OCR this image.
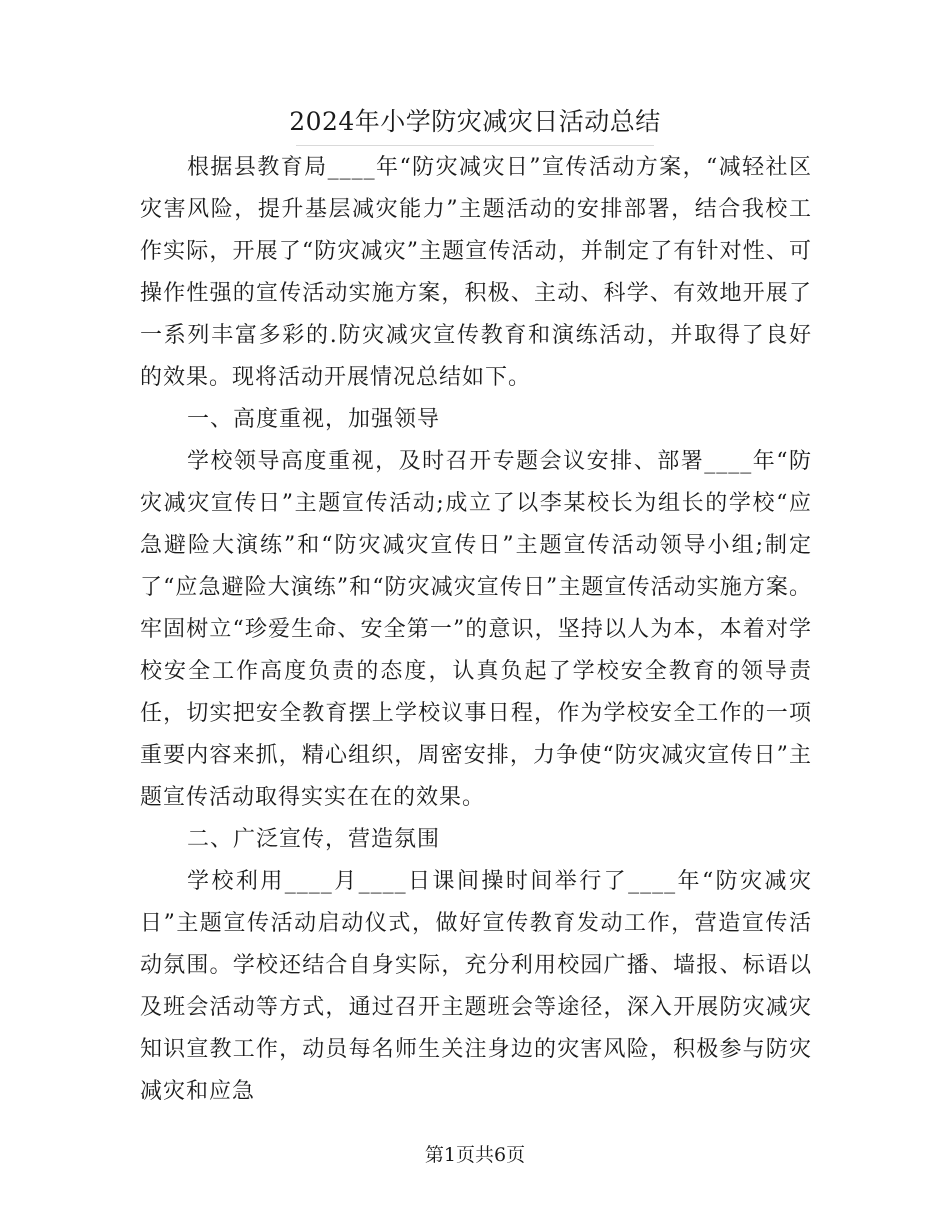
2024年小学防灾减灾日活动总结

根据县教育局____年“防灾减灾日”宣传活动方案，“减轻社区灾害风险，提升基层减灾能力”主题活动的安排部署，结合我校工作实际，开展了“防灾减灾”主题宣传活动，并制定了有针对性、可操作性强的宣传活动实施方案，积极、主动、科学、有效地开展了一系列丰富多彩的.防灾减灾宣传教育和演练活动，并取得了良好的效果。现将活动开展情况总结如下。

一、高度重视，加强领导

学校领导高度重视，及时召开专题会议安排、部署____年“防灾减灾宣传日”主题宣传活动;成立了以李某校长为组长的学校“应急避险大演练”和“防灾减灾宣传日”主题宣传活动领导小组;制定了“应急避险大演练”和“防灾减灾宣传日”主题宣传活动实施方案。牢固树立“珍爱生命、安全第一”的意识，坚持以人为本，本着对学校安全工作高度负责的态度，认真负起了学校安全教育的领导责任，切实把安全教育摆上学校议事日程，作为学校安全工作的一项重要内容来抓，精心组织，周密安排，力争使“防灾减灾宣传日”主题宣传活动取得实实在在的效果。

二、广泛宣传，营造氛围

学校利用____月____日课间操时间举行了____年“防灾减灾日”主题宣传活动启动仪式，做好宣传教育发动工作，营造宣传活动氛围。学校还结合自身实际，充分利用校园广播、墙报、标语以及班会活动等方式，通过召开主题班会等途径，深入开展防灾减灾知识宣教工作，动员每名师生关注身边的灾害风险，积极参与防灾减灾和应急

第1页共6页
